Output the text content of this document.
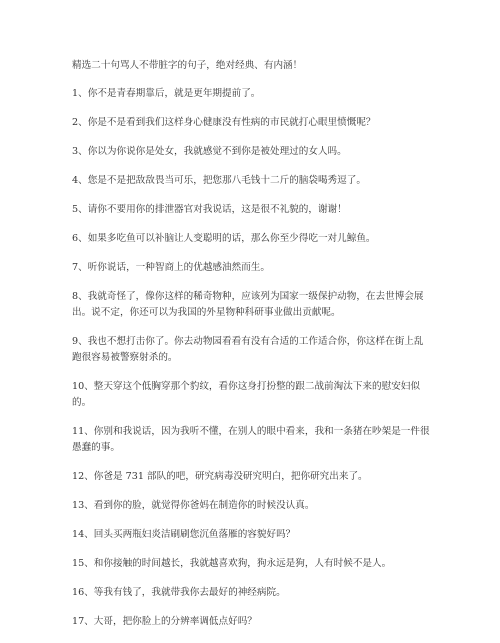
精选二十句骂人不带脏字的句子，绝对经典、有内涵！

1、你不是青春期靠后，就是更年期提前了。

2、你是不是看到我们这样身心健康没有性病的市民就打心眼里愤慨呢？

3、你以为你说你是处女，我就感觉不到你是被处理过的女人吗。

4、您是不是把敌敌畏当可乐，把您那八毛钱十二斤的脑袋喝秀逗了。

5、请你不要用你的排泄器官对我说话，这是很不礼貌的，谢谢！

6、如果多吃鱼可以补脑让人变聪明的话，那么你至少得吃一对儿鲸鱼。

7、听你说话，一种智商上的优越感油然而生。

8、我就奇怪了，像你这样的稀奇物种，应该列为国家一级保护动物，在去世博会展出。说不定，你还可以为我国的外星物种科研事业做出贡献呢。

9、我也不想打击你了。你去动物园看看有没有合适的工作适合你，你这样在街上乱跑很容易被警察射杀的。

10、整天穿这个低胸穿那个豹纹，看你这身打扮整的跟二战前淘汰下来的慰安妇似的。

11、你别和我说话，因为我听不懂，在别人的眼中看来，我和一条猪在吵架是一件很愚蠢的事。

12、你爸是 731 部队的吧，研究病毒没研究明白，把你研究出来了。

13、看到你的脸，就觉得你爸妈在制造你的时候没认真。

14、回头买两瓶妇炎洁刷刷您沉鱼落雁的容貌好吗？

15、和你接触的时间越长，我就越喜欢狗，狗永远是狗，人有时候不是人。

16、等我有钱了，我就带我你去最好的神经病院。

17、大哥，把你脸上的分辨率调低点好吗？
